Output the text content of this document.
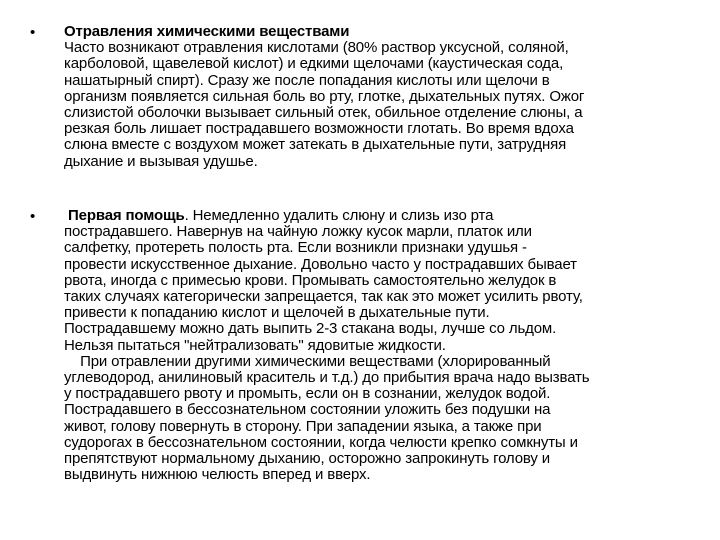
• Отравления химическими веществами
Часто возникают отравления кислотами (80% раствор уксусной, соляной,
карболовой, щавелевой кислот) и едкими щелочами (каустическая сода,
нашатырный спирт). Сразу же после попадания кислоты или щелочи в
организм появляется сильная боль во рту, глотке, дыхательных путях. Ожог
слизистой оболочки вызывает сильный отек, обильное отделение слюны, а
резкая боль лишает пострадавшего возможности глотать. Во время вдоха
слюна вместе с воздухом может затекать в дыхательные пути, затрудняя
дыхание и вызывая удушье.
• Первая помощь. Немедленно удалить слюну и слизь изо рта
пострадавшего. Навернув на чайную ложку кусок марли, платок или
салфетку, протереть полость рта. Если возникли признаки удушья -
провести искусственное дыхание. Довольно часто у пострадавших бывает
рвота, иногда с примесью крови. Промывать самостоятельно желудок в
таких случаях категорически запрещается, так как это может усилить рвоту,
привести к попаданию кислот и щелочей в дыхательные пути.
Пострадавшему можно дать выпить 2-3 стакана воды, лучше со льдом.
Нельзя пытаться "нейтрализовать" ядовитые жидкости.
При отравлении другими химическими веществами (хлорированный
углеводород, анилиновый краситель и т.д.) до прибытия врача надо вызвать
у пострадавшего рвоту и промыть, если он в сознании, желудок водой.
Пострадавшего в бессознательном состоянии уложить без подушки на
живот, голову повернуть в сторону. При западении языка, а также при
судорогах в бессознательном состоянии, когда челюсти крепко сомкнуты и
препятствуют нормальному дыханию, осторожно запрокинуть голову и
выдвинуть нижнюю челюсть вперед и вверх.
